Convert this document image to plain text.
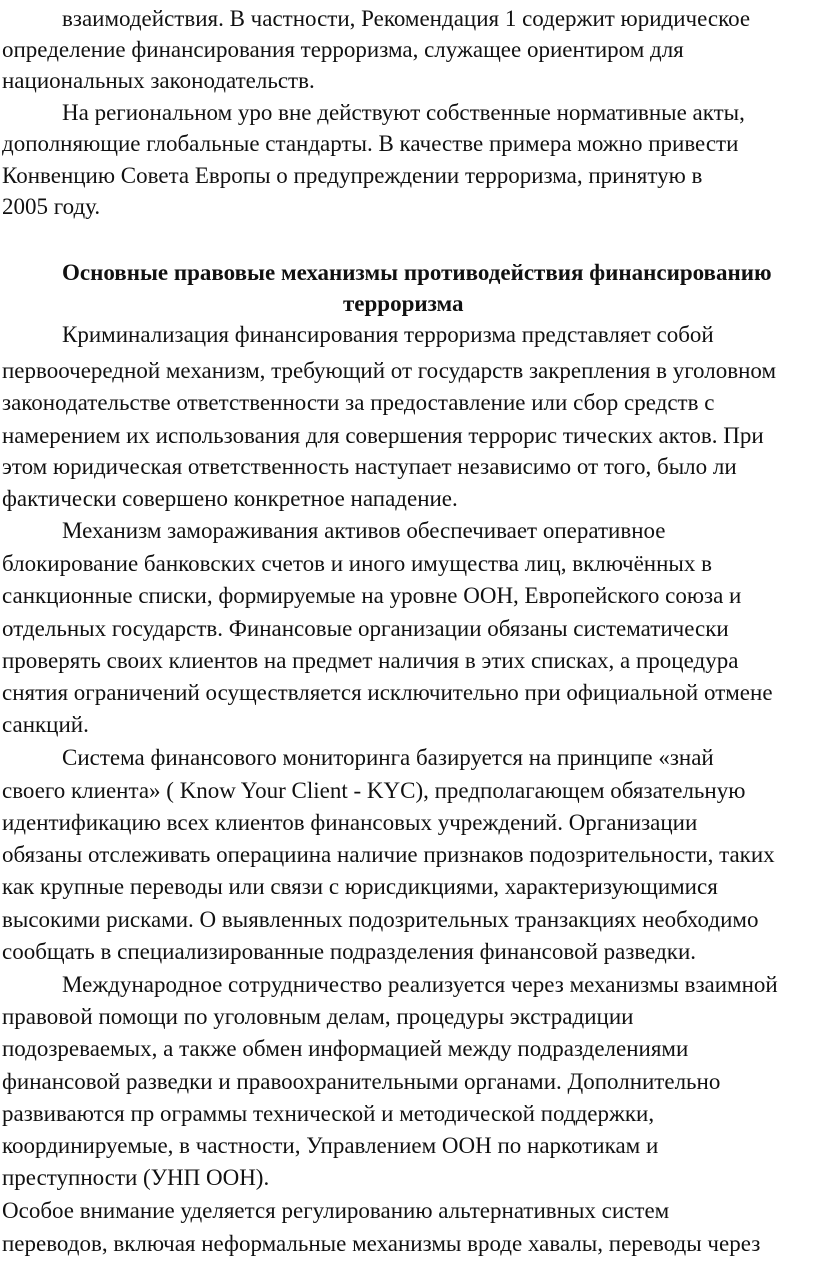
взаимодействия. В частности, Рекомендация 1 содержит юридическое
определение финансирования терроризма, служащее ориентиром для
национальных законодательств.
На региональном уро вне действуют собственные нормативные акты,
дополняющие глобальные стандарты. В качестве примера можно привести
Конвенцию Совета Европы о предупреждении терроризма, принятую в
2005 году.
Основные правовые механизмы противодействия финансированию
терроризма
Криминализация финансирования терроризма представляет собой
первоочередной механизм, требующий от государств закрепления в уголовном
законодательстве ответственности за предоставление или сбор средств с
намерением их использования для совершения террорис тических актов. При
этом юридическая ответственность наступает независимо от того, было ли
фактически совершено конкретное нападение.
Механизм замораживания активов обеспечивает оперативное
блокирование банковских счетов и иного имущества лиц, включённых в
санкционные списки, формируемые на уровне ООН, Европейского союза и
отдельных государств. Финансовые организации обязаны систематически
проверять своих клиентов на предмет наличия в этих списках, а процедура
снятия ограничений осуществляется исключительно при официальной отмене
санкций.
Система финансового мониторинга базируется на принципе «знай
своего клиента» ( Know Your Client - KYC), предполагающем обязательную
идентификацию всех клиентов финансовых учреждений. Организации
обязаны отслеживать операциина наличие признаков подозрительности, таких
как крупные переводы или связи с юрисдикциями, характеризующимися
высокими рисками. О выявленных подозрительных транзакциях необходимо
сообщать в специализированные подразделения финансовой разведки.
Международное сотрудничество реализуется через механизмы взаимной
правовой помощи по уголовным делам, процедуры экстрадиции
подозреваемых, а также обмен информацией между подразделениями
финансовой разведки и правоохранительными органами. Дополнительно
развиваются пр ограммы технической и методической поддержки,
координируемые, в частности, Управлением ООН по наркотикам и
преступности (УНП ООН).
Особое внимание уделяется регулированию альтернативных систем
переводов, включая неформальные механизмы вроде хавалы, переводы через
